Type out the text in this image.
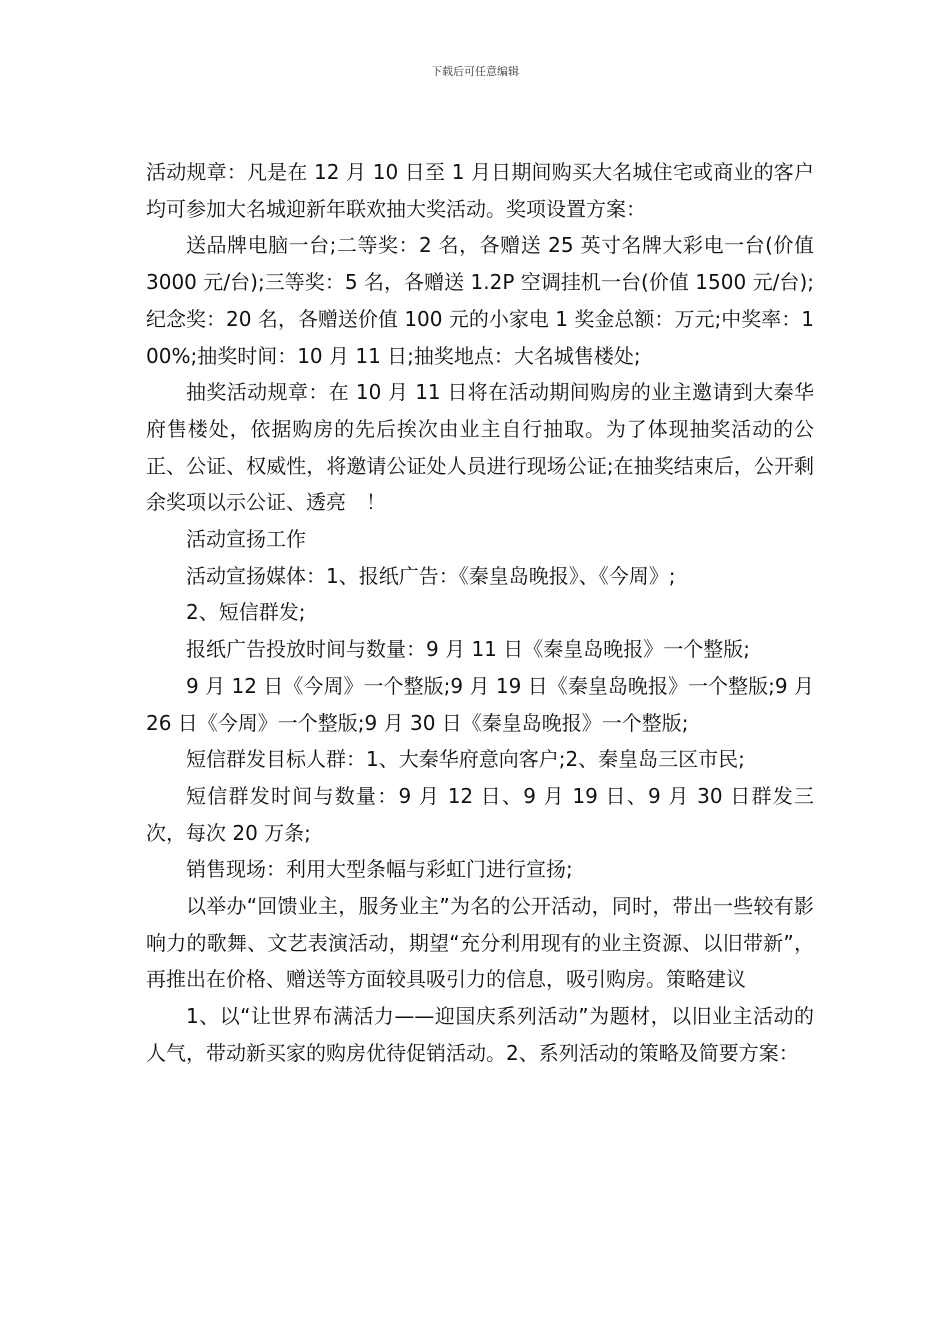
下载后可任意编辑

活动规章：凡是在 12 月 10 日至 1 月日期间购买大名城住宅或商业的客户均可参加大名城迎新年联欢抽大奖活动。奖项设置方案：

送品牌电脑一台;二等奖：2 名，各赠送 25 英寸名牌大彩电一台(价值 3000 元/台);三等奖：5 名，各赠送 1.2P 空调挂机一台(价值 1500 元/台);纪念奖：20 名，各赠送价值 100 元的小家电 1 奖金总额：万元;中奖率：100%;抽奖时间：10 月 11 日;抽奖地点：大名城售楼处;

抽奖活动规章：在 10 月 11 日将在活动期间购房的业主邀请到大秦华府售楼处，依据购房的先后挨次由业主自行抽取。为了体现抽奖活动的公正、公证、权威性，将邀请公证处人员进行现场公证;在抽奖结束后，公开剩余奖项以示公证、透亮　！

活动宣扬工作

活动宣扬媒体：1、报纸广告：《秦皇岛晚报》、《今周》;

2、短信群发;

报纸广告投放时间与数量：9 月 11 日《秦皇岛晚报》一个整版;

9 月 12 日《今周》一个整版;9 月 19 日《秦皇岛晚报》一个整版;9 月 26 日《今周》一个整版;9 月 30 日《秦皇岛晚报》一个整版;

短信群发目标人群：1、大秦华府意向客户;2、秦皇岛三区市民;

短信群发时间与数量：9 月 12 日、9 月 19 日、9 月 30 日群发三次，每次 20 万条;

销售现场：利用大型条幅与彩虹门进行宣扬;

以举办“回馈业主，服务业主”为名的公开活动，同时，带出一些较有影响力的歌舞、文艺表演活动，期望“充分利用现有的业主资源、以旧带新”，再推出在价格、赠送等方面较具吸引力的信息，吸引购房。策略建议

1、以“让世界布满活力——迎国庆系列活动”为题材，以旧业主活动的人气，带动新买家的购房优待促销活动。2、系列活动的策略及简要方案：
